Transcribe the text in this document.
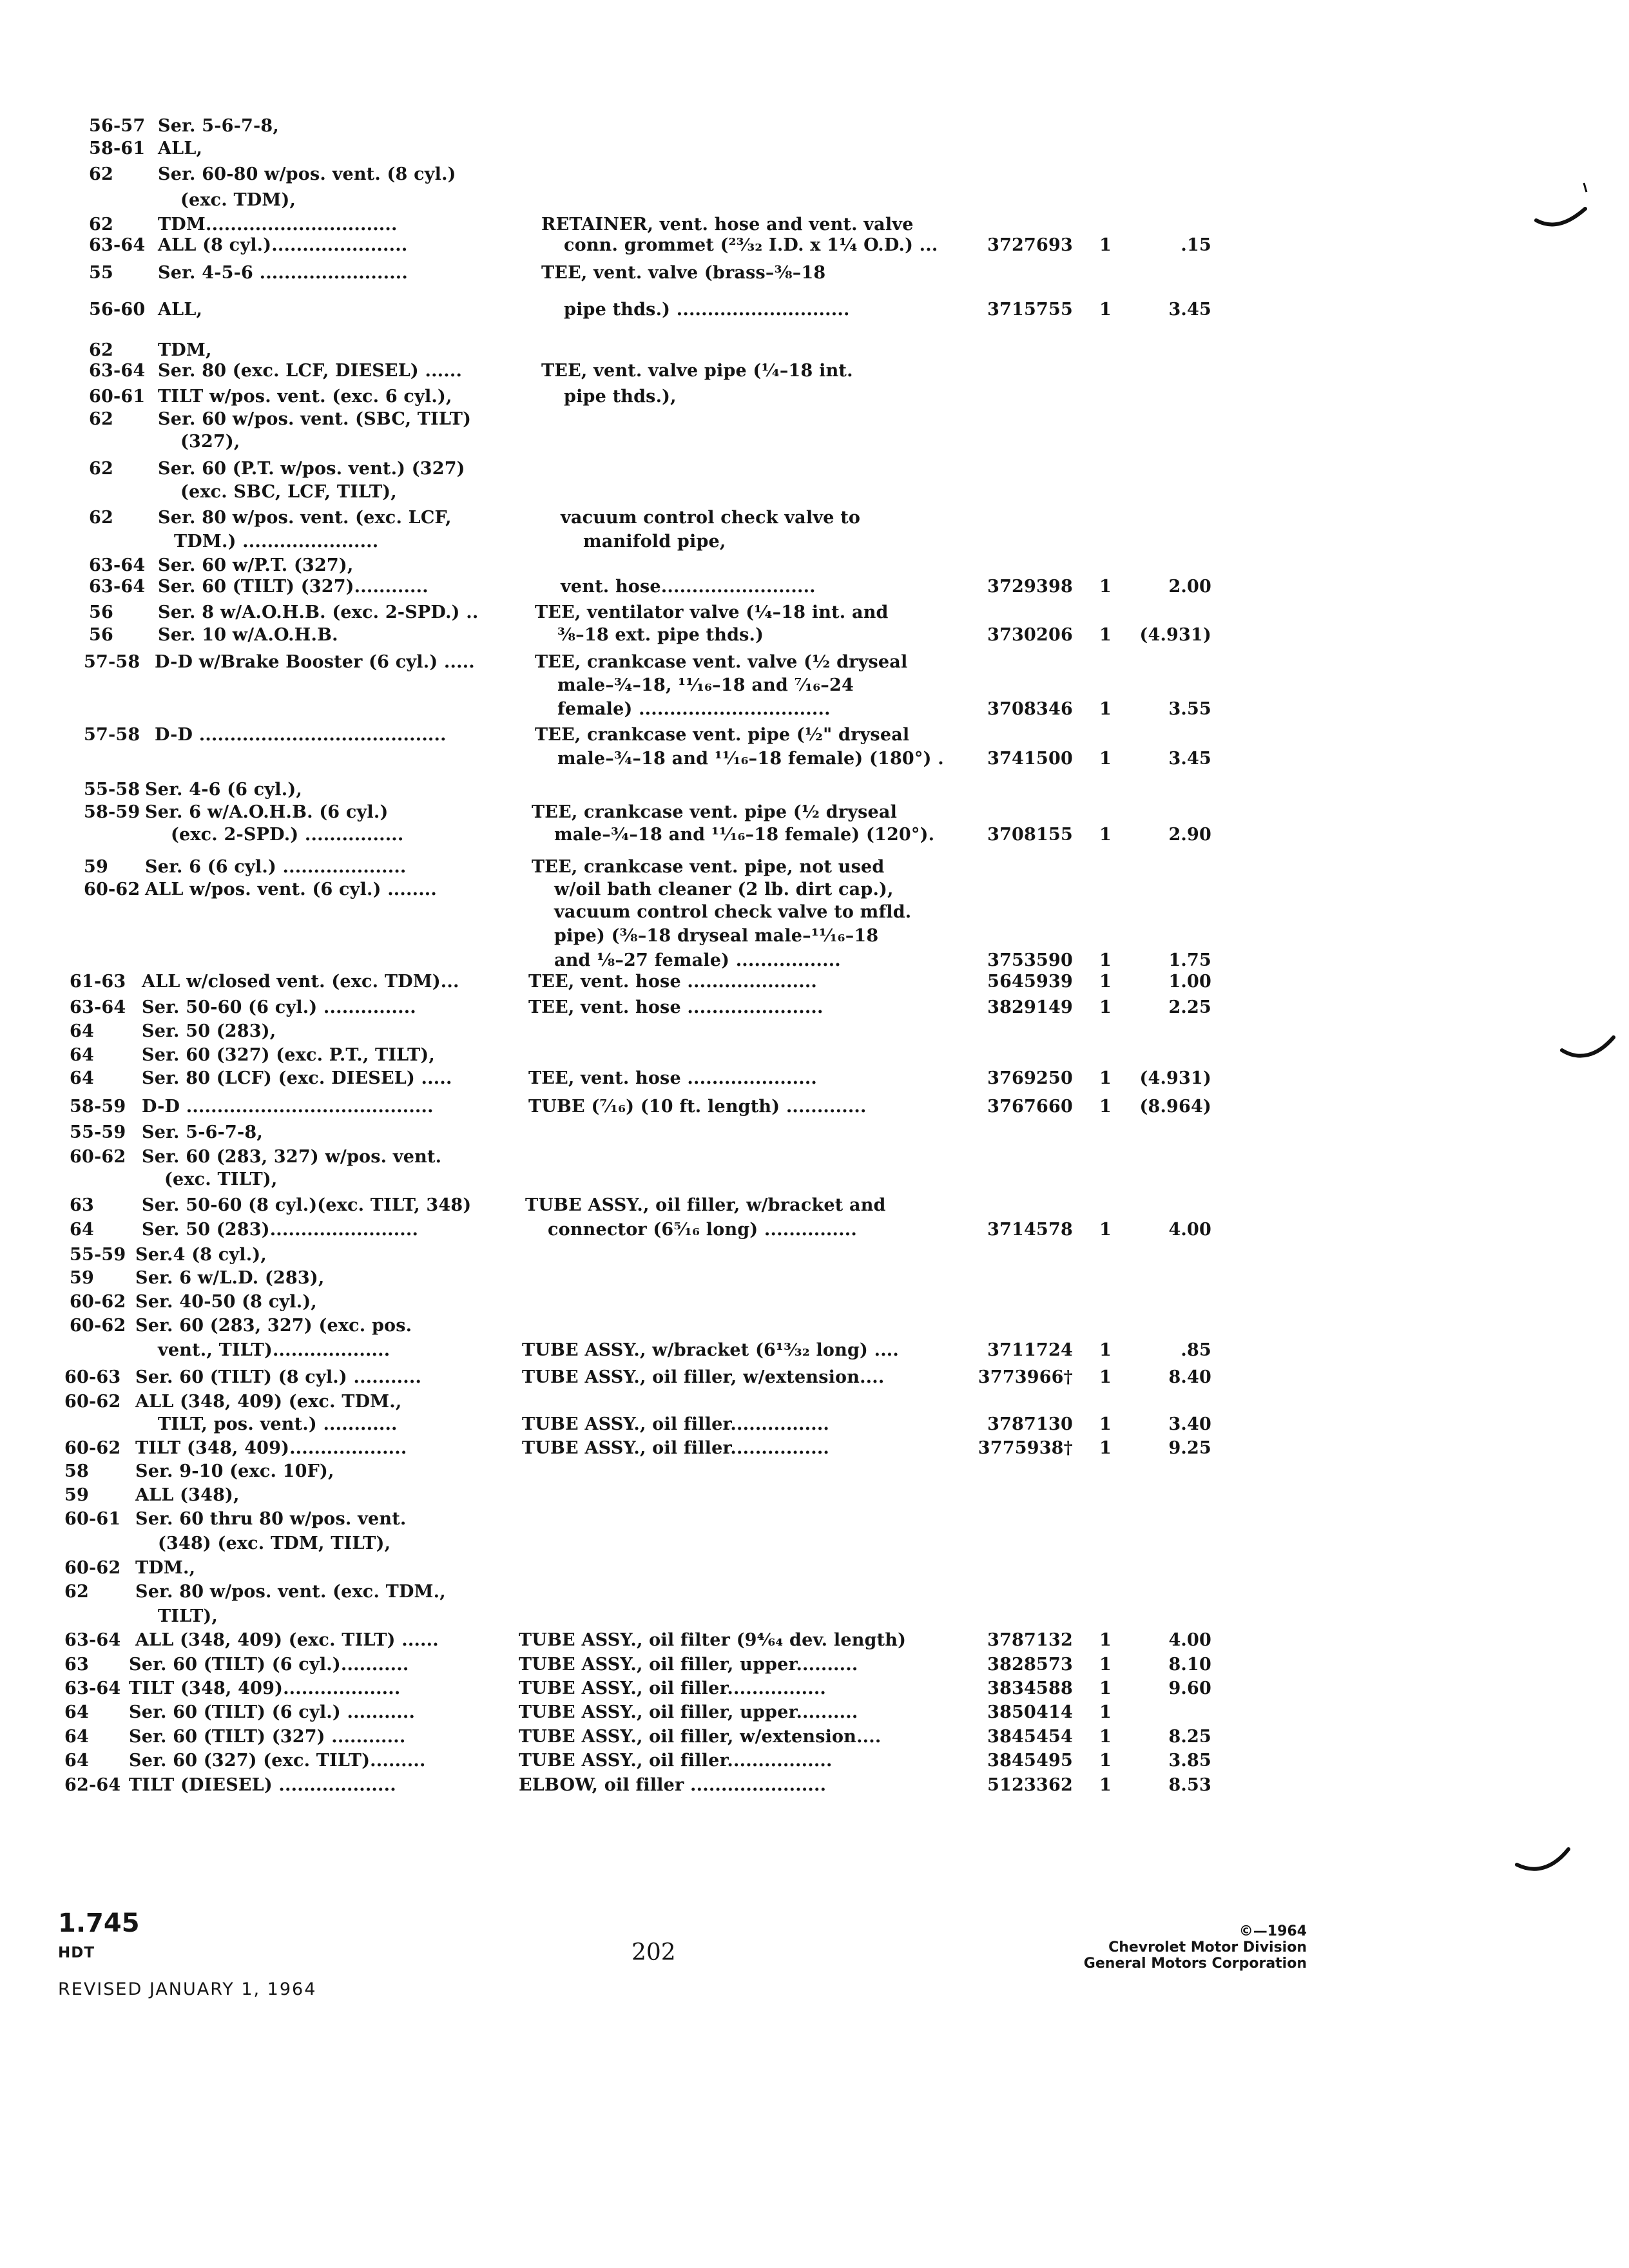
56-57 Ser. 5-6-7-8,
58-61 ALL,
62	Ser. 60-80 w/pos. vent. (8 cyl.)
(exc. TDM),
62	TDM...............................	RETAINER, vent. hose and vent. valve
63-64 ALL (8 cyl.)......................	conn. grommet (²³⁄₃₂ I.D. x 1¼ O.D.) ...	3727693 1	.15
55	Ser. 4-5-6 ........................	TEE, vent. valve (brass–⅜–18
56-60 ALL,	pipe thds.) ............................	3715755 1	3.45
62	TDM,
63-64 Ser. 80 (exc. LCF, DIESEL) ......	TEE, vent. valve pipe (¼–18 int.
60-61 TILT w/pos. vent. (exc. 6 cyl.),	pipe thds.),
62	Ser. 60 w/pos. vent. (SBC, TILT)
(327),
62	Ser. 60 (P.T. w/pos. vent.) (327)
(exc. SBC, LCF, TILT),
62	Ser. 80 w/pos. vent. (exc. LCF,	vacuum control check valve to
TDM.) ......................	manifold pipe,
63-64 Ser. 60 w/P.T. (327),
63-64 Ser. 60 (TILT) (327)............	vent. hose.........................	3729398 1	2.00
56	Ser. 8 w/A.O.H.B. (exc. 2-SPD.) ..	TEE, ventilator valve (¼–18 int. and
56	Ser. 10 w/A.O.H.B.	⅜–18 ext. pipe thds.)	3730206 1 (4.931)
57-58 D-D w/Brake Booster (6 cyl.) .....	TEE, crankcase vent. valve (½ dryseal
male–¾–18, ¹¹⁄₁₆–18 and ⁷⁄₁₆–24
female) ...............................	3708346 1	3.55
57-58 D-D ........................................	TEE, crankcase vent. pipe (½" dryseal
male–¾–18 and ¹¹⁄₁₆–18 female) (180°) . 3741500 1	3.45
55-58 Ser. 4-6 (6 cyl.),
58-59 Ser. 6 w/A.O.H.B. (6 cyl.)	TEE, crankcase vent. pipe (½ dryseal
(exc. 2-SPD.) ................	male–¾–18 and ¹¹⁄₁₆–18 female) (120°).	3708155 1	2.90
59 Ser. 6 (6 cyl.) ....................	TEE, crankcase vent. pipe, not used
60-62 ALL w/pos. vent. (6 cyl.) ........	w/oil bath cleaner (2 lb. dirt cap.),
vacuum control check valve to mfld.
pipe) (⅜–18 dryseal male–¹¹⁄₁₆–18
and ⅛–27 female) .................	3753590 1	1.75
61-63 ALL w/closed vent. (exc. TDM)...	TEE, vent. hose .....................	5645939 1	1.00
63-64 Ser. 50-60 (6 cyl.) ...............	TEE, vent. hose ......................	3829149 1	2.25
64	Ser. 50 (283),
64	Ser. 60 (327) (exc. P.T., TILT),
64	Ser. 80 (LCF) (exc. DIESEL) .....	TEE, vent. hose .....................	3769250 1 (4.931)
58-59 D-D ........................................	TUBE (⁷⁄₁₆) (10 ft. length) .............	3767660 1 (8.964)
55-59 Ser. 5-6-7-8,
60-62 Ser. 60 (283, 327) w/pos. vent.
(exc. TILT),
63	Ser. 50-60 (8 cyl.)(exc. TILT, 348)	TUBE ASSY., oil filler, w/bracket and
64	Ser. 50 (283)........................	connector (6⁵⁄₁₆ long) ...............	3714578 1	4.00
55-59 Ser.4 (8 cyl.),
59 Ser. 6 w/L.D. (283),
60-62 Ser. 40-50 (8 cyl.),
60-62 Ser. 60 (283, 327) (exc. pos.
vent., TILT)...................	TUBE ASSY., w/bracket (6¹³⁄₃₂ long) ....	3711724 1	.85
60-63 Ser. 60 (TILT) (8 cyl.) ...........	TUBE ASSY., oil filler, w/extension....	3773966† 1	8.40
60-62 ALL (348, 409) (exc. TDM.,
TILT, pos. vent.) ............	TUBE ASSY., oil filler................	3787130 1	3.40
60-62 TILT (348, 409)...................	TUBE ASSY., oil filler................	3775938† 1	9.25
58	Ser. 9-10 (exc. 10F),
59	ALL (348),
60-61 Ser. 60 thru 80 w/pos. vent.
(348) (exc. TDM, TILT),
60-62 TDM.,
62	Ser. 80 w/pos. vent. (exc. TDM.,
TILT),
63-64 ALL (348, 409) (exc. TILT) ......	TUBE ASSY., oil filter (9⁴⁄₆₄ dev. length)	3787132 1	4.00
63 Ser. 60 (TILT) (6 cyl.)...........	TUBE ASSY., oil filler, upper..........	3828573 1	8.10
63-64 TILT (348, 409)...................	TUBE ASSY., oil filler................	3834588 1	9.60
64 Ser. 60 (TILT) (6 cyl.) ...........	TUBE ASSY., oil filler, upper..........	3850414 1
64 Ser. 60 (TILT) (327) ............	TUBE ASSY., oil filler, w/extension....	3845454 1	8.25
64 Ser. 60 (327) (exc. TILT).........	TUBE ASSY., oil filler.................	3845495 1	3.85
62-64 TILT (DIESEL) ...................	ELBOW, oil filler ......................	5123362 1	8.53
1.745
HDT
REVISED JANUARY 1, 1964
202
©—1964
Chevrolet Motor Division
General Motors Corporation
